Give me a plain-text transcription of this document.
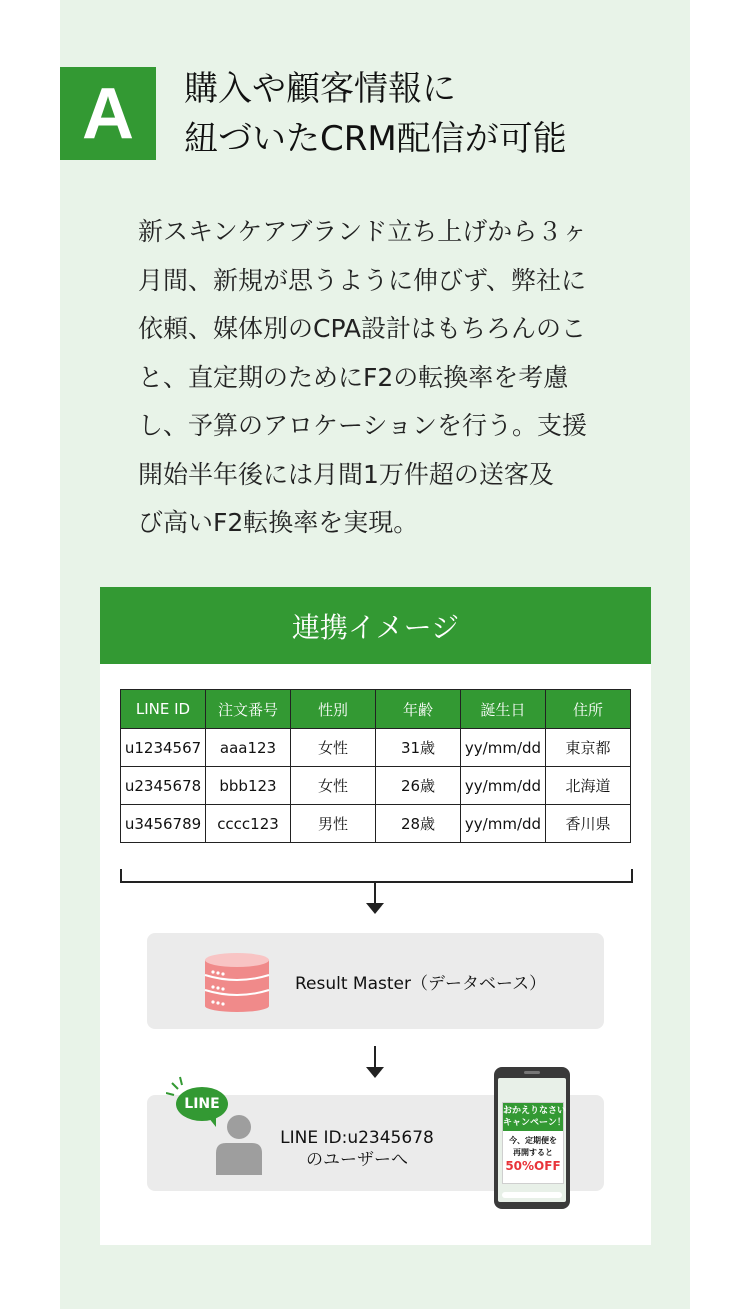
A	購入や顧客情報に
紐づいたCRM配信が可能
新スキンケアブランド立ち上げから３ヶ
月間、新規が思うように伸びず、弊社に
依頼、媒体別のCPA設計はもちろんのこ
と、直定期のためにF2の転換率を考慮
し、予算のアロケーションを行う。支援
開始半年後には月間1万件超の送客及
び高いF2転換率を実現。
連携イメージ
LINE ID	注文番号	性別	年齢	誕生日	住所
u1234567	aaa123	女性	31歳	yy/mm/dd	東京都
u2345678	bbb123	女性	26歳	yy/mm/dd	北海道
u3456789	cccc123	男性	28歳	yy/mm/dd	香川県
Result Master（データベース）
LINE ID:u2345678
のユーザーへ
LINE	おかえりなさい
キャンペーン！
今、定期便を
再開すると
50%OFF
